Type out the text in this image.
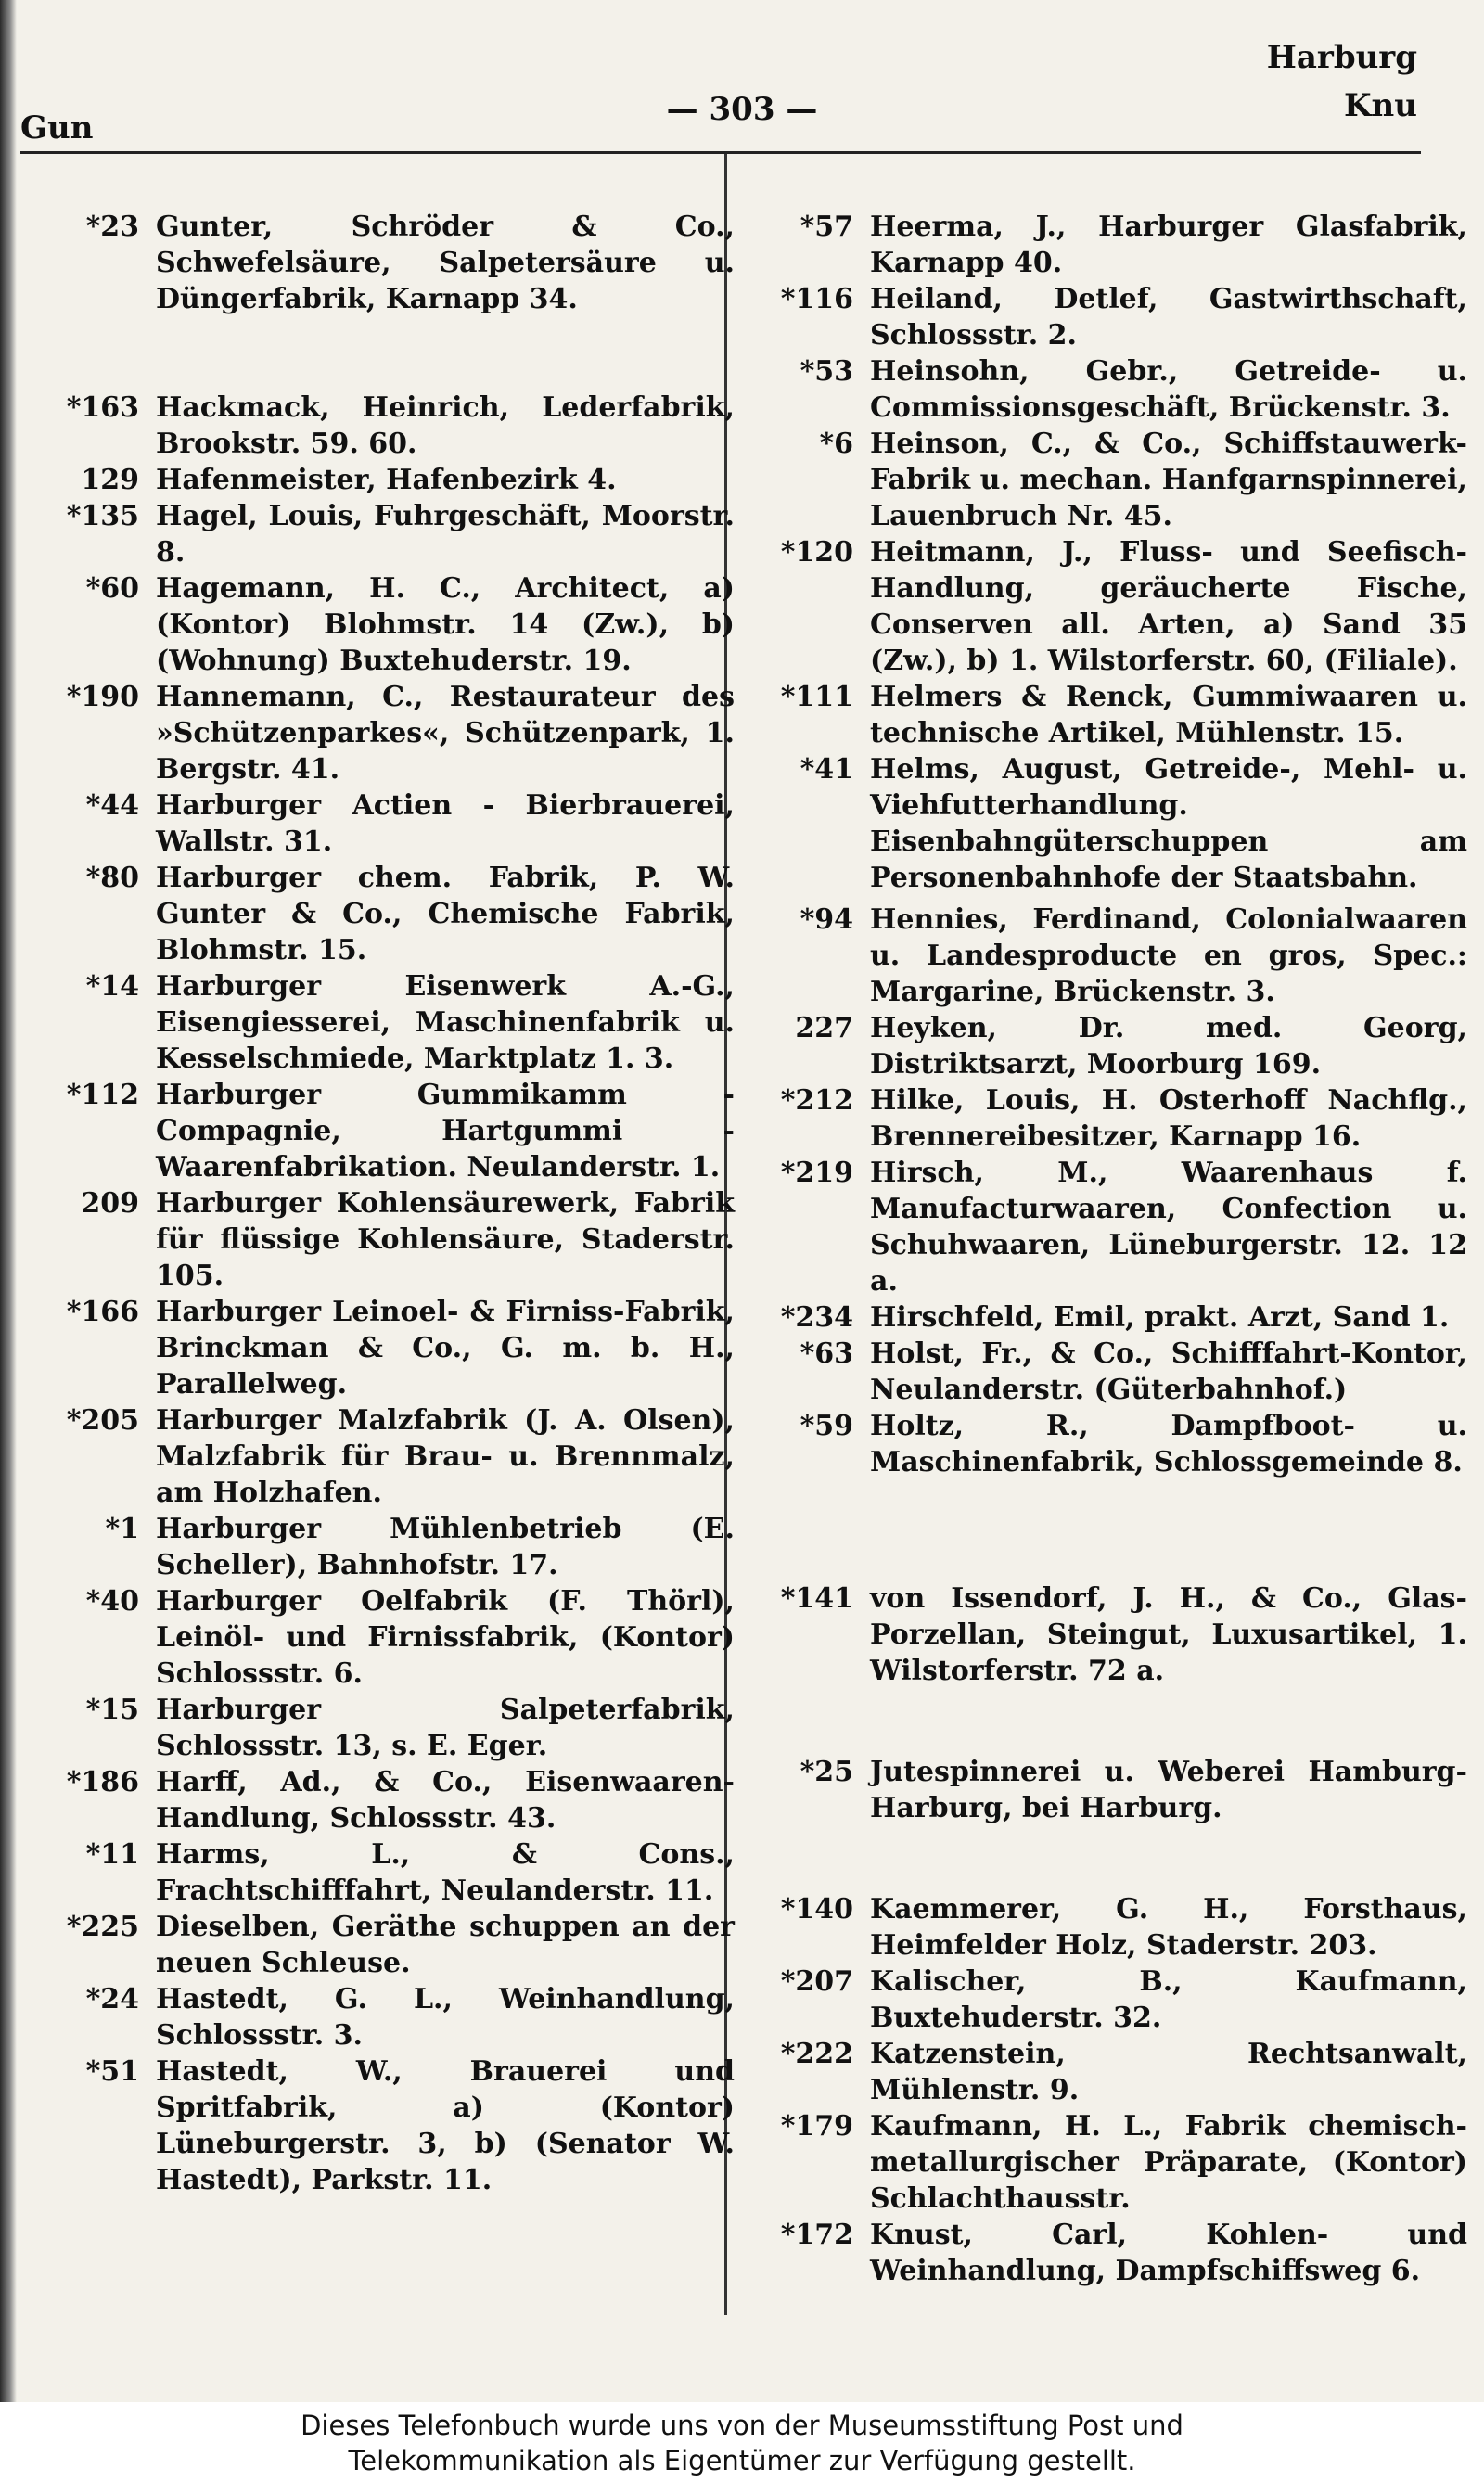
Gun	— 303 —
Harburg
Knu
*23 Gunter, Schröder & Co., Schwefelsäure, Salpetersäure u. Düngerfabrik, Karnapp 34.
*163 Hackmack, Heinrich, Lederfabrik, Brookstr. 59. 60.
129 Hafenmeister, Hafenbezirk 4.
*135 Hagel, Louis, Fuhrgeschäft, Moorstr. 8.
*60 Hagemann, H. C., Architect, a) (Kontor) Blohmstr. 14 (Zw.), b) (Wohnung) Buxtehuderstr. 19.
*190 Hannemann, C., Restaurateur des »Schützenparkes«, Schützenpark, 1. Bergstr. 41.
*44 Harburger Actien - Bierbrauerei, Wallstr. 31.
*80 Harburger chem. Fabrik, P. W. Gunter & Co., Chemische Fabrik, Blohmstr. 15.
*14 Harburger Eisenwerk A.-G., Eisengiesserei, Maschinenfabrik u. Kesselschmiede, Marktplatz 1. 3.
*112 Harburger Gummikamm - Compagnie, Hartgummi - Waarenfabrikation. Neulanderstr. 1.
209 Harburger Kohlensäurewerk, Fabrik für flüssige Kohlensäure, Staderstr. 105.
*166 Harburger Leinoel- & Firniss-Fabrik, Brinckman & Co., G. m. b. H., Parallelweg.
*205 Harburger Malzfabrik (J. A. Olsen), Malzfabrik für Brau- u. Brennmalz, am Holzhafen.
*1 Harburger Mühlenbetrieb (E. Scheller), Bahnhofstr. 17.
*40 Harburger Oelfabrik (F. Thörl), Leinöl- und Firnissfabrik, (Kontor) Schlossstr. 6.
*15 Harburger Salpeterfabrik, Schlossstr. 13, s. E. Eger.
*186 Harff, Ad., & Co., Eisenwaaren-Handlung, Schlossstr. 43.
*11 Harms, L., & Cons., Frachtschifffahrt, Neulanderstr. 11.
*225 Dieselben, Geräthe schuppen an der neuen Schleuse.
*24 Hastedt, G. L., Weinhandlung, Schlossstr. 3.
*51 Hastedt, W., Brauerei und Spritfabrik, a) (Kontor) Lüneburgerstr. 3, b) (Senator W. Hastedt), Parkstr. 11.
*57 Heerma, J., Harburger Glasfabrik, Karnapp 40.
*116 Heiland, Detlef, Gastwirthschaft, Schlossstr. 2.
*53 Heinsohn, Gebr., Getreide- u. Commissionsgeschäft, Brückenstr. 3.
*6 Heinson, C., & Co., Schiffstauwerk-Fabrik u. mechan. Hanfgarnspinnerei, Lauenbruch Nr. 45.
*120 Heitmann, J., Fluss- und Seefisch-Handlung, geräucherte Fische, Conserven all. Arten, a) Sand 35 (Zw.), b) 1. Wilstorferstr. 60, (Filiale).
*111 Helmers & Renck, Gummiwaaren u. technische Artikel, Mühlenstr. 15.
*41 Helms, August, Getreide-, Mehl- u. Viehfutterhandlung. Eisenbahngüterschuppen am Personenbahnhofe der Staatsbahn.
*94 Hennies, Ferdinand, Colonialwaaren u. Landesproducte en gros, Spec.: Margarine, Brückenstr. 3.
227 Heyken, Dr. med. Georg, Distriktsarzt, Moorburg 169.
*212 Hilke, Louis, H. Osterhoff Nachflg., Brennereibesitzer, Karnapp 16.
*219 Hirsch, M., Waarenhaus f. Manufacturwaaren, Confection u. Schuhwaaren, Lüneburgerstr. 12. 12 a.
*234 Hirschfeld, Emil, prakt. Arzt, Sand 1.
*63 Holst, Fr., & Co., Schifffahrt-Kontor, Neulanderstr. (Güterbahnhof.)
*59 Holtz, R., Dampfboot- u. Maschinenfabrik, Schlossgemeinde 8.
*141 von Issendorf, J. H., & Co., Glas-Porzellan, Steingut, Luxusartikel, 1. Wilstorferstr. 72 a.
*25 Jutespinnerei u. Weberei Hamburg-Harburg, bei Harburg.
*140 Kaemmerer, G. H., Forsthaus, Heimfelder Holz, Staderstr. 203.
*207 Kalischer, B., Kaufmann, Buxtehuderstr. 32.
*222 Katzenstein, Rechtsanwalt, Mühlenstr. 9.
*179 Kaufmann, H. L., Fabrik chemisch-metallurgischer Präparate, (Kontor) Schlachthausstr.
*172 Knust, Carl, Kohlen- und Weinhandlung, Dampfschiffsweg 6.
Dieses Telefonbuch wurde uns von der Museumsstiftung Post und
Telekommunikation als Eigentümer zur Verfügung gestellt.
